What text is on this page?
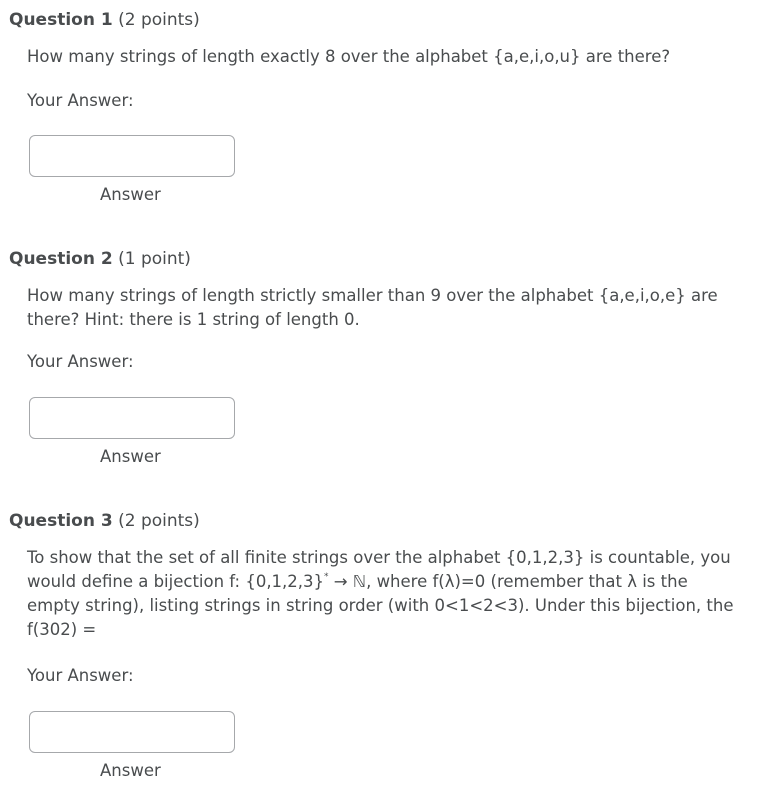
Question 1 (2 points)

How many strings of length exactly 8 over the alphabet {a,e,i,o,u} are there?

Your Answer:

Answer

Question 2 (1 point)

How many strings of length strictly smaller than 9 over the alphabet {a,e,i,o,e} are there? Hint: there is 1 string of length 0.

Your Answer:

Answer

Question 3 (2 points)

To show that the set of all finite strings over the alphabet {0,1,2,3} is countable, you would define a bijection f: {0,1,2,3}* → ℕ, where f(λ)=0 (remember that λ is the empty string), listing strings in string order (with 0<1<2<3). Under this bijection, the f(302) =

Your Answer:

Answer
